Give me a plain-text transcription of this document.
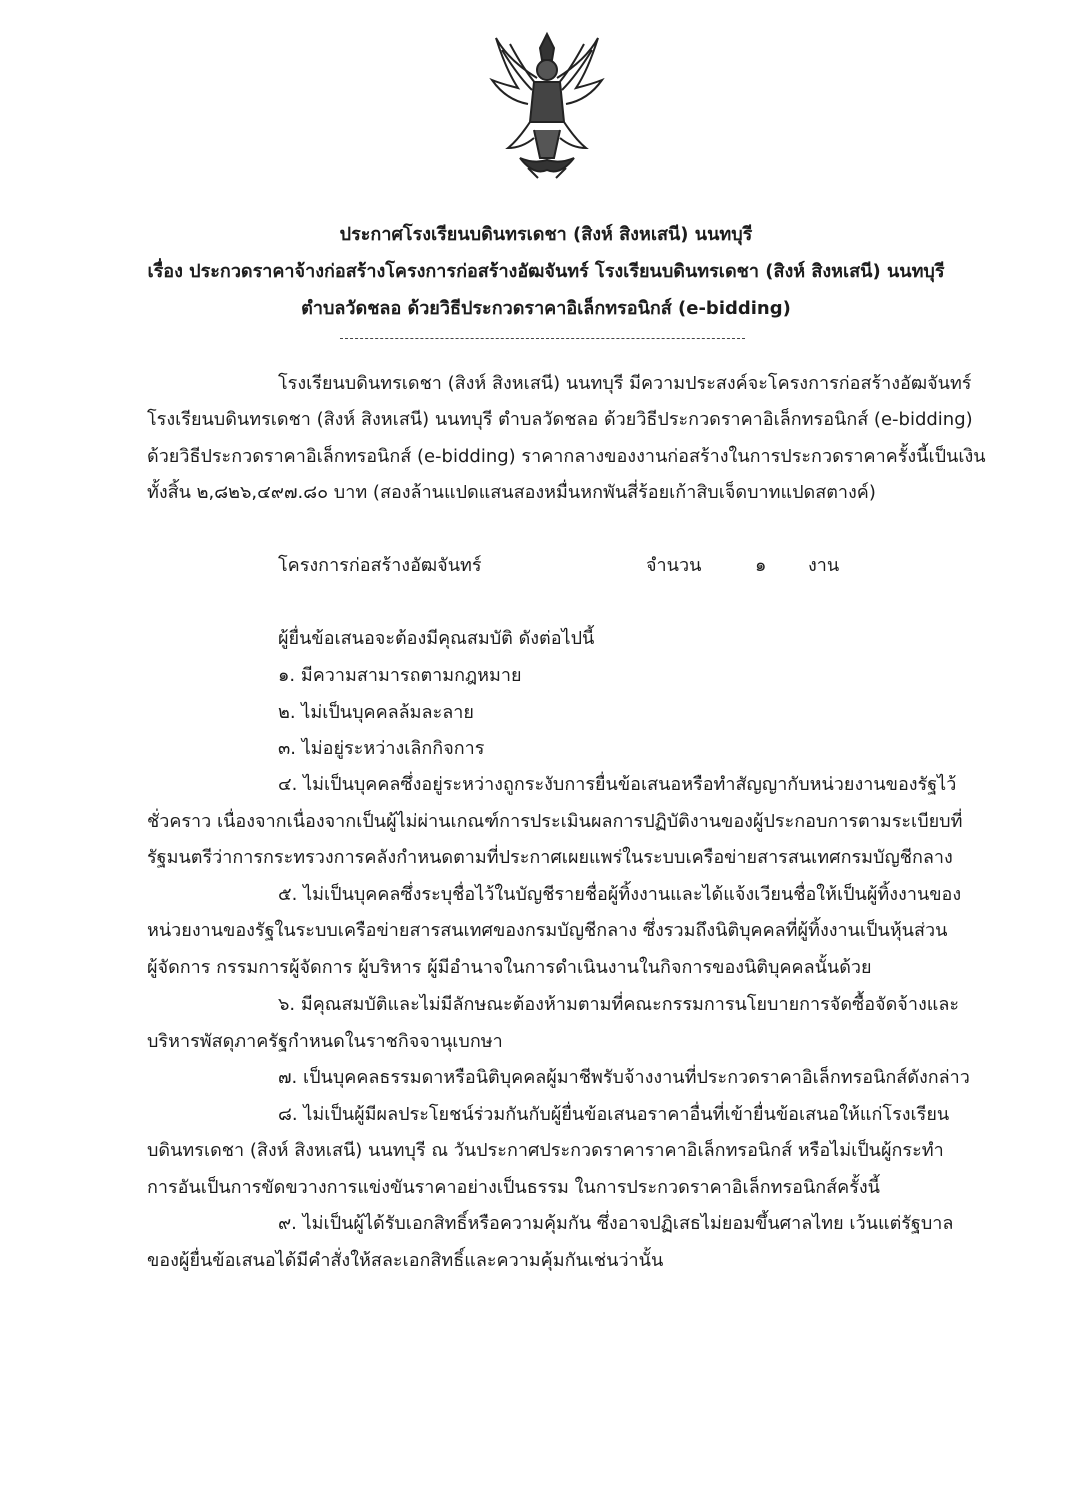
ประกาศโรงเรียนบดินทรเดชา (สิงห์ สิงหเสนี) นนทบุรี
เรื่อง ประกวดราคาจ้างก่อสร้างโครงการก่อสร้างอัฒจันทร์ โรงเรียนบดินทรเดชา (สิงห์ สิงหเสนี) นนทบุรี
ตำบลวัดชลอ ด้วยวิธีประกวดราคาอิเล็กทรอนิกส์ (e-bidding)
โรงเรียนบดินทรเดชา (สิงห์ สิงหเสนี) นนทบุรี มีความประสงค์จะโครงการก่อสร้างอัฒจันทร์
โรงเรียนบดินทรเดชา (สิงห์ สิงหเสนี) นนทบุรี ตำบลวัดชลอ ด้วยวิธีประกวดราคาอิเล็กทรอนิกส์ (e-bidding)
ด้วยวิธีประกวดราคาอิเล็กทรอนิกส์ (e-bidding) ราคากลางของงานก่อสร้างในการประกวดราคาครั้งนี้เป็นเงิน
ทั้งสิ้น ๒,๘๒๖,๔๙๗.๘๐ บาท (สองล้านแปดแสนสองหมื่นหกพันสี่ร้อยเก้าสิบเจ็ดบาทแปดสตางค์)
โครงการก่อสร้างอัฒจันทร์	จำนวน	๑ งาน
ผู้ยื่นข้อเสนอจะต้องมีคุณสมบัติ ดังต่อไปนี้
๑. มีความสามารถตามกฎหมาย
๒. ไม่เป็นบุคคลล้มละลาย
๓. ไม่อยู่ระหว่างเลิกกิจการ
๔. ไม่เป็นบุคคลซึ่งอยู่ระหว่างถูกระงับการยื่นข้อเสนอหรือทำสัญญากับหน่วยงานของรัฐไว้
ชั่วคราว เนื่องจากเนื่องจากเป็นผู้ไม่ผ่านเกณฑ์การประเมินผลการปฏิบัติงานของผู้ประกอบการตามระเบียบที่
รัฐมนตรีว่าการกระทรวงการคลังกำหนดตามที่ประกาศเผยแพร่ในระบบเครือข่ายสารสนเทศกรมบัญชีกลาง
๕. ไม่เป็นบุคคลซึ่งระบุชื่อไว้ในบัญชีรายชื่อผู้ทิ้งงานและได้แจ้งเวียนชื่อให้เป็นผู้ทิ้งงานของ
หน่วยงานของรัฐในระบบเครือข่ายสารสนเทศของกรมบัญชีกลาง ซึ่งรวมถึงนิติบุคคลที่ผู้ทิ้งงานเป็นหุ้นส่วน
ผู้จัดการ กรรมการผู้จัดการ ผู้บริหาร ผู้มีอำนาจในการดำเนินงานในกิจการของนิติบุคคลนั้นด้วย
๖. มีคุณสมบัติและไม่มีลักษณะต้องห้ามตามที่คณะกรรมการนโยบายการจัดซื้อจัดจ้างและ
บริหารพัสดุภาครัฐกำหนดในราชกิจจานุเบกษา
๗. เป็นบุคคลธรรมดาหรือนิติบุคคลผู้มาชีพรับจ้างงานที่ประกวดราคาอิเล็กทรอนิกส์ดังกล่าว
๘. ไม่เป็นผู้มีผลประโยชน์ร่วมกันกับผู้ยื่นข้อเสนอราคาอื่นที่เข้ายื่นข้อเสนอให้แก่โรงเรียน
บดินทรเดชา (สิงห์ สิงหเสนี) นนทบุรี ณ วันประกาศประกวดราคาราคาอิเล็กทรอนิกส์ หรือไม่เป็นผู้กระทำ
การอันเป็นการขัดขวางการแข่งขันราคาอย่างเป็นธรรม ในการประกวดราคาอิเล็กทรอนิกส์ครั้งนี้
๙. ไม่เป็นผู้ได้รับเอกสิทธิ์หรือความคุ้มกัน ซึ่งอาจปฏิเสธไม่ยอมขึ้นศาลไทย เว้นแต่รัฐบาล
ของผู้ยื่นข้อเสนอได้มีคำสั่งให้สละเอกสิทธิ์และความคุ้มกันเช่นว่านั้น
